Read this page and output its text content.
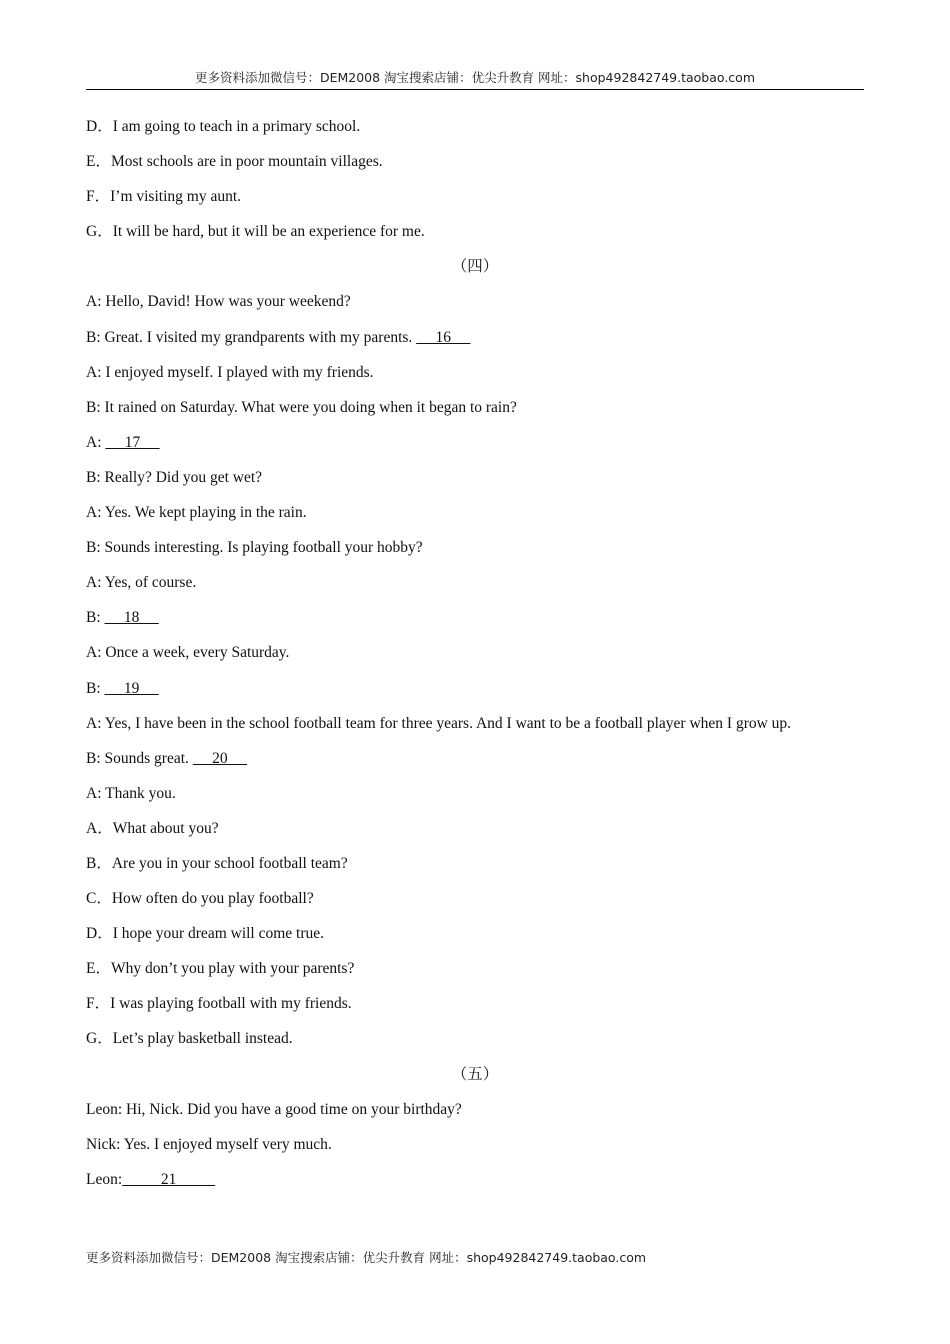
更多资料添加微信号：DEM2008 淘宝搜索店铺：优尖升教育 网址：shop492842749.taobao.com
D．I am going to teach in a primary school.
E．Most schools are in poor mountain villages.
F．I’m visiting my aunt.
G．It will be hard, but it will be an experience for me.
（四）
A: Hello, David! How was your weekend?
B: Great. I visited my grandparents with my parents.      16
A: I enjoyed myself. I played with my friends.
B: It rained on Saturday. What were you doing when it began to rain?
A:      17
B: Really? Did you get wet?
A: Yes. We kept playing in the rain.
B: Sounds interesting. Is playing football your hobby?
A: Yes, of course.
B:      18
A: Once a week, every Saturday.
B:      19
A: Yes, I have been in the school football team for three years. And I want to be a football player when I grow up.
B: Sounds great.      20
A: Thank you.
A．What about you?
B．Are you in your school football team?
C．How often do you play football?
D．I hope your dream will come true.
E．Why don’t you play with your parents?
F．I was playing football with my friends.
G．Let’s play basketball instead.
（五）
Leon: Hi, Nick. Did you have a good time on your birthday?
Nick: Yes. I enjoyed myself very much.
Leon:          21
更多资料添加微信号：DEM2008 淘宝搜索店铺：优尖升教育 网址：shop492842749.taobao.com
